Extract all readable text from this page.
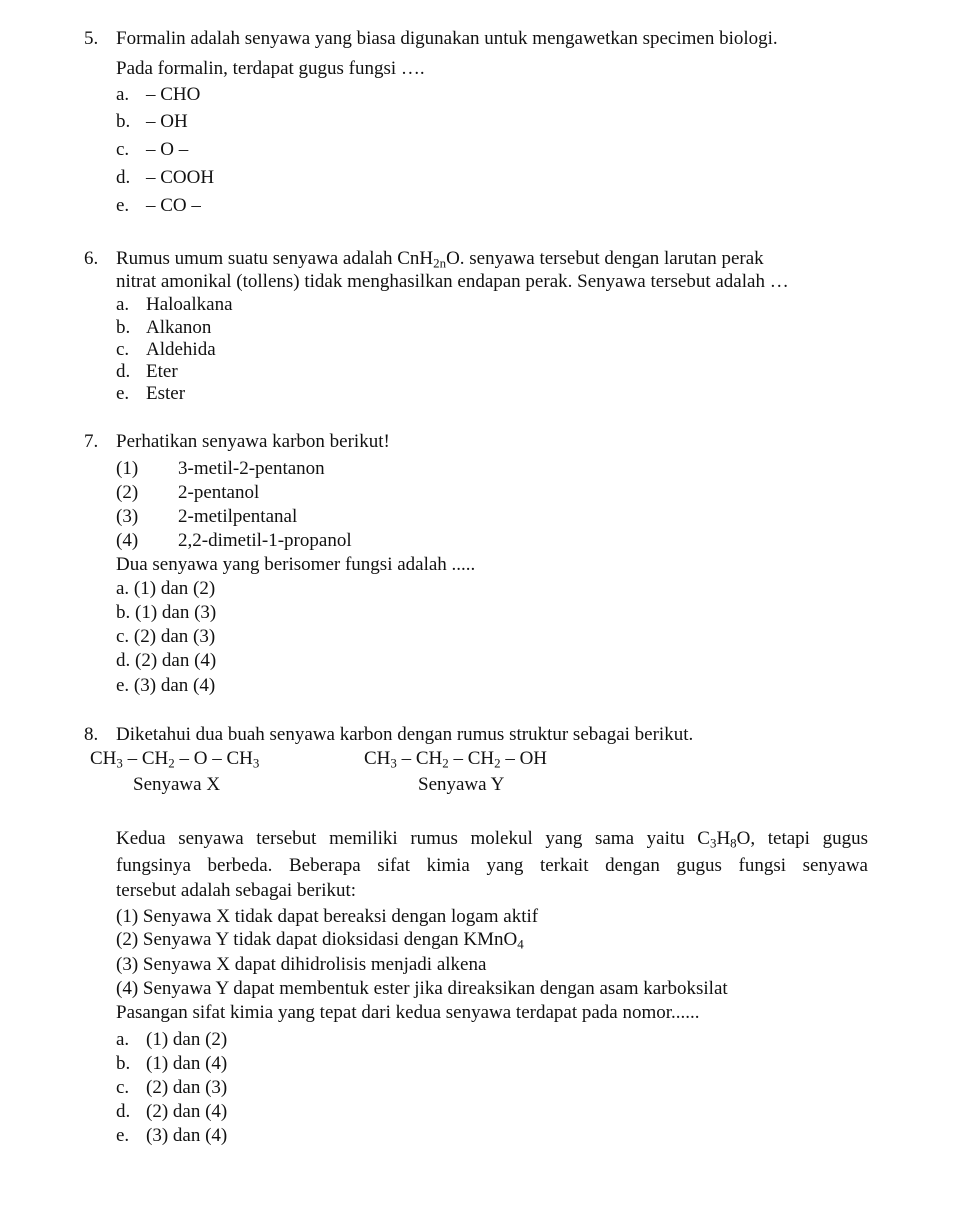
5. Formalin adalah senyawa yang biasa digunakan untuk mengawetkan specimen biologi.
Pada formalin, terdapat gugus fungsi ….
a. – CHO
b. – OH
c. – O –
d. – COOH
e. – CO –
6. Rumus umum suatu senyawa adalah CnH$_{2n}$O. senyawa tersebut dengan larutan perak
nitrat amonikal (tollens) tidak menghasilkan endapan perak. Senyawa tersebut adalah …
a. Haloalkana
b. Alkanon
c. Aldehida
d. Eter
e. Ester
7. Perhatikan senyawa karbon berikut!
(1) 3-metil-2-pentanon
(2) 2-pentanol
(3) 2-metilpentanal
(4) 2,2-dimetil-1-propanol
Dua senyawa yang berisomer fungsi adalah .....
a. (1) dan (2)
b. (1) dan (3)
c. (2) dan (3)
d. (2) dan (4)
e. (3) dan (4)
8. Diketahui dua buah senyawa karbon dengan rumus struktur sebagai berikut.
$CH_3 - CH_2$ – O – $CH_3$	$CH_3 - CH_2 - CH_2$ – OH
Senyawa X	Senyawa Y
Kedua senyawa tersebut memiliki rumus molekul yang sama yaitu $C_3H_8O$, tetapi gugus
fungsinya berbeda. Beberapa sifat kimia yang terkait dengan gugus fungsi senyawa
tersebut adalah sebagai berikut:
(1) Senyawa X tidak dapat bereaksi dengan logam aktif
(2) Senyawa Y tidak dapat dioksidasi dengan KMnO$_4$
(3) Senyawa X dapat dihidrolisis menjadi alkena
(4) Senyawa Y dapat membentuk ester jika direaksikan dengan asam karboksilat
Pasangan sifat kimia yang tepat dari kedua senyawa terdapat pada nomor......
a. (1) dan (2)
b. (1) dan (4)
c. (2) dan (3)
d. (2) dan (4)
e. (3) dan (4)
